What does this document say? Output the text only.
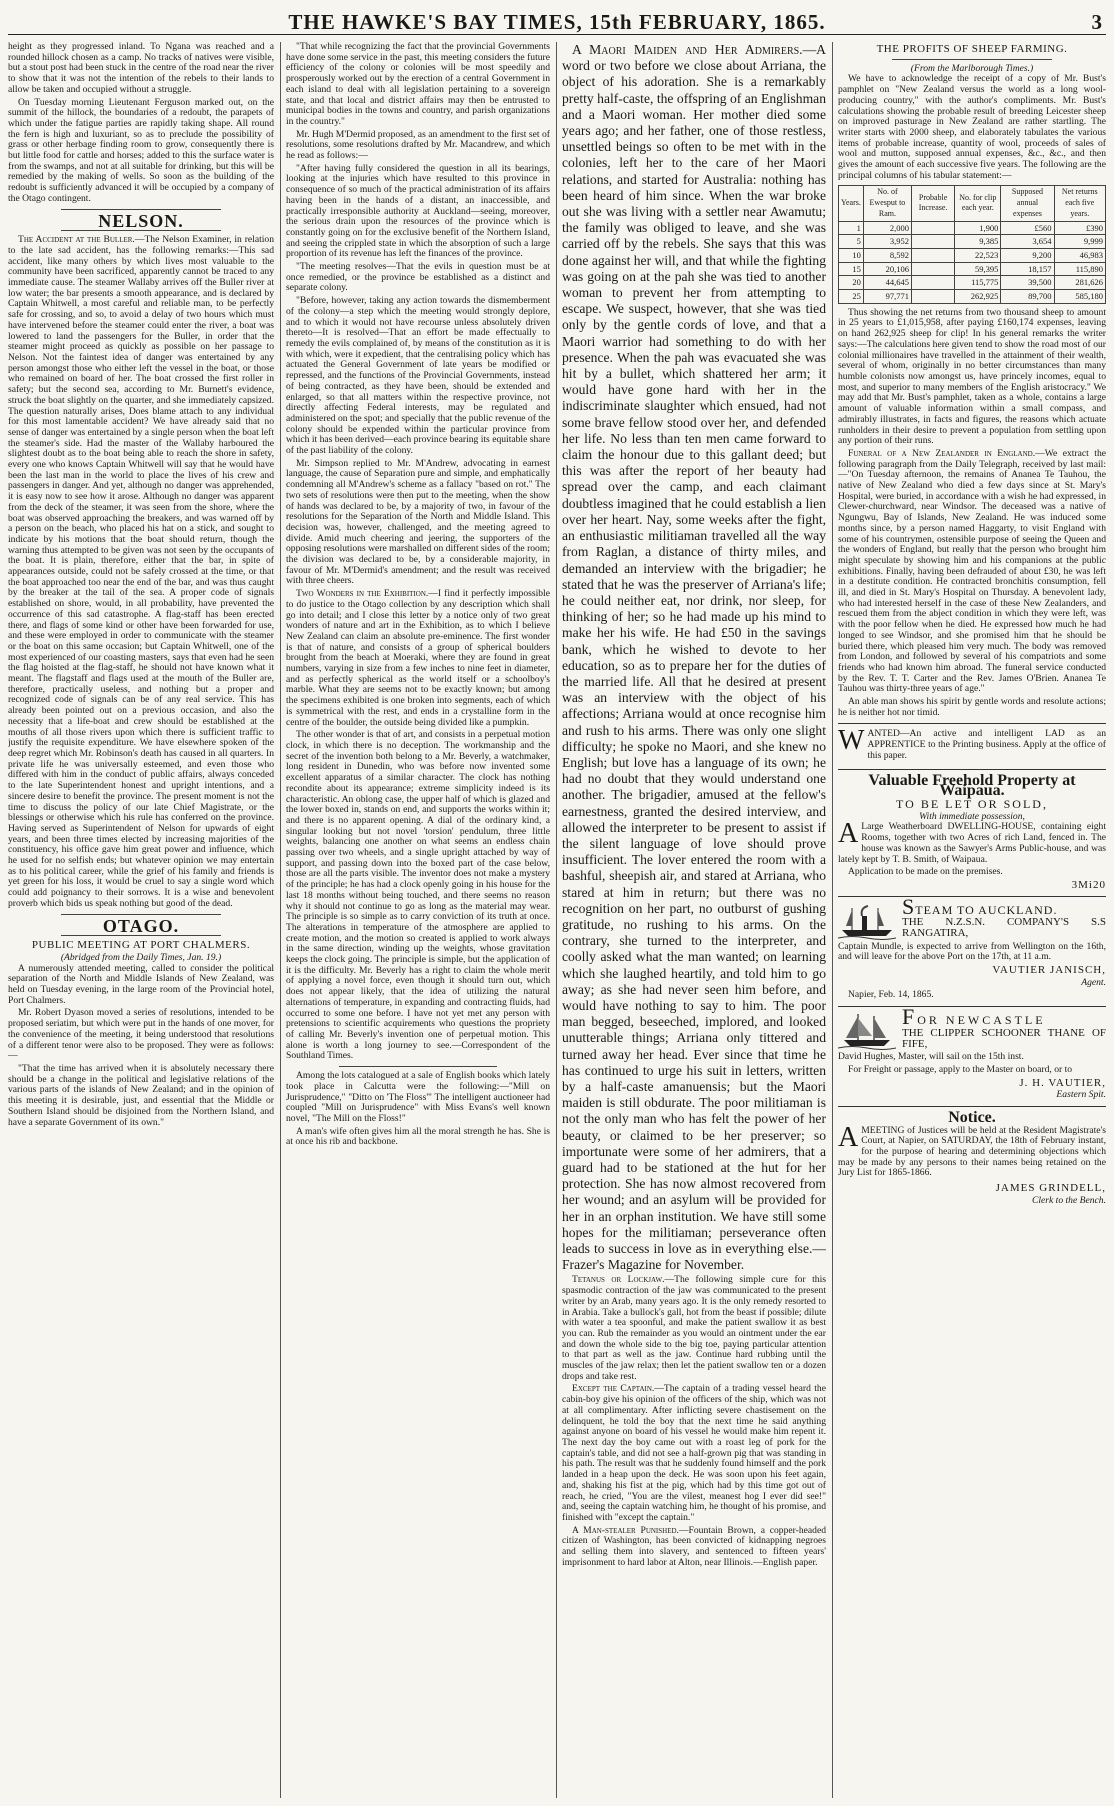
THE HAWKE'S BAY TIMES, 15th FEBRUARY, 1865.	3

height as they progressed inland. To Ngana was reached and a rounded hillock chosen as a camp. No tracks of natives were visible, but a stout post had been stuck in the centre of the road near the river to show that it was not the intention of the rebels to their lands to allow be taken and occupied without a struggle.

On Tuesday morning Lieutenant Ferguson marked out, on the summit of the hillock, the boundaries of a redoubt, the parapets of which under the fatigue parties are rapidly taking shape. All round the fern is high and luxuriant, so as to preclude the possibility of grass or other herbage finding room to grow, consequently there is but little food for cattle and horses; added to this the surface water is from the swamps, and not at all suitable for drinking, but this will be remedied by the making of wells. So soon as the building of the redoubt is sufficiently advanced it will be occupied by a company of the Otago contingent.

NELSON.

The Accident at the Buller.—The Nelson Examiner, in relation to the late sad accident, has the following remarks:—This sad accident, like many others by which lives most valuable to the community have been sacrificed, apparently cannot be traced to any immediate cause. The steamer Wallaby arrives off the Buller river at low water; the bar presents a smooth appearance, and is declared by Captain Whitwell, a most careful and reliable man, to be perfectly safe for crossing, and so, to avoid a delay of two hours which must have intervened before the steamer could enter the river, a boat was lowered to land the passengers for the Buller, in order that the steamer might proceed as quickly as possible on her passage to Nelson. Not the faintest idea of danger was entertained by any person amongst those who either left the vessel in the boat, or those who remained on board of her. The boat crossed the first roller in safety; but the second sea, according to Mr. Burnett's evidence, struck the boat slightly on the quarter, and she immediately capsized. The question naturally arises, Does blame attach to any individual for this most lamentable accident? We have already said that no sense of danger was entertained by a single person when the boat left the steamer's side. Had the master of the Wallaby harboured the slightest doubt as to the boat being able to reach the shore in safety, every one who knows Captain Whitwell will say that he would have been the last man in the world to place the lives of his crew and passengers in danger. And yet, although no danger was apprehended, it is easy now to see how it arose. Although no danger was apparent from the deck of the steamer, it was seen from the shore, where the boat was observed approaching the breakers, and was warned off by a person on the beach, who placed his hat on a stick, and sought to indicate by his motions that the boat should return, though the warning thus attempted to be given was not seen by the occupants of the boat. It is plain, therefore, either that the bar, in spite of appearances outside, could not be safely crossed at the time, or that the boat approached too near the end of the bar, and was thus caught by the breaker at the tail of the sea. A proper code of signals established on shore, would, in all probability, have prevented the occurrence of this sad catastrophe. A flag-staff has been erected there, and flags of some kind or other have been forwarded for use, and these were employed in order to communicate with the steamer or the boat on this same occasion; but Captain Whitwell, one of the most experienced of our coasting masters, says that even had he seen the flag hoisted at the flag-staff, he should not have known what it meant. The flagstaff and flags used at the mouth of the Buller are, therefore, practically useless, and nothing but a proper and recognized code of signals can be of any real service. This has already been pointed out on a previous occasion, and also the necessity that a life-boat and crew should be established at the mouths of all those rivers upon which there is sufficient traffic to justify the requisite expenditure. We have elsewhere spoken of the deep regret which Mr. Robinson's death has caused in all quarters. In private life he was universally esteemed, and even those who differed with him in the conduct of public affairs, always conceded to the late Superintendent honest and upright intentions, and a sincere desire to benefit the province. The present moment is not the time to discuss the policy of our late Chief Magistrate, or the blessings or otherwise which his rule has conferred on the province. Having served as Superintendent of Nelson for upwards of eight years, and been three times elected by increasing majorities of the constituency, his office gave him great power and influence, which he used for no selfish ends; but whatever opinion we may entertain as to his political career, while the grief of his family and friends is yet green for his loss, it would be cruel to say a single word which could add poignancy to their sorrows. It is a wise and benevolent proverb which bids us speak nothing but good of the dead.

OTAGO.
PUBLIC MEETING AT PORT CHALMERS.
(Abridged from the Daily Times, Jan. 19.)

A numerously attended meeting, called to consider the political separation of the North and Middle Islands of New Zealand, was held on Tuesday evening, in the large room of the Provincial hotel, Port Chalmers.

Mr. Robert Dyason moved a series of resolutions, intended to be proposed seriatim, but which were put in the hands of one mover, for the convenience of the meeting, it being understood that resolutions of a different tenor were also to be proposed. They were as follows:—

"That the time has arrived when it is absolutely necessary there should be a change in the political and legislative relations of the various parts of the islands of New Zealand; and in the opinion of this meeting it is desirable, just, and essential that the Middle or Southern Island should be disjoined from the Northern Island, and have a separate Government of its own."

"That while recognizing the fact that the provincial Governments have done some service in the past, this meeting considers the future efficiency of the colony or colonies will be most speedily and prosperously worked out by the erection of a central Government in each island to deal with all legislation pertaining to a sovereign state, and that local and district affairs may then be entrusted to municipal bodies in the towns and country, and parish organizations in the country."

Mr. Hugh M'Dermid proposed, as an amendment to the first set of resolutions, some resolutions drafted by Mr. Macandrew, and which he read as follows:—

"After having fully considered the question in all its bearings, looking at the injuries which have resulted to this province in consequence of so much of the practical administration of its affairs having been in the hands of a distant, an inaccessible, and practically irresponsible authority at Auckland—seeing, moreover, the serious drain upon the resources of the province which is constantly going on for the exclusive benefit of the Northern Island, and seeing the crippled state in which the absorption of such a large proportion of its revenue has left the finances of the province.

"The meeting resolves—That the evils in question must be at once remedied, or the province be established as a distinct and separate colony.

"Before, however, taking any action towards the dismemberment of the colony—a step which the meeting would strongly deplore, and to which it would not have recourse unless absolutely driven thereto—It is resolved—That an effort be made effectually to remedy the evils complained of, by means of the constitution as it is with which, were it expedient, that the centralising policy which has actuated the General Government of late years be modified or repressed, and the functions of the Provincial Governments, instead of being contracted, as they have been, should be extended and enlarged, so that all matters within the respective province, not directly affecting Federal interests, may be regulated and administered on the spot; and specially that the public revenue of the colony should be expended within the particular province from which it has been derived—each province bearing its equitable share of the past liability of the colony.

Mr. Simpson replied to Mr. M'Andrew, advocating in earnest language, the cause of Separation pure and simple, and emphatically condemning all M'Andrew's scheme as a fallacy "based on rot." The two sets of resolutions were then put to the meeting, when the show of hands was declared to be, by a majority of two, in favour of the resolutions for the Separation of the North and Middle Island. This decision was, however, challenged, and the meeting agreed to divide. Amid much cheering and jeering, the supporters of the opposing resolutions were marshalled on different sides of the room; the division was declared to be, by a considerable majority, in favour of Mr. M'Dermid's amendment; and the result was received with three cheers.

Two Wonders in the Exhibition.—I find it perfectly impossible to do justice to the Otago collection by any description which shall go into detail; and I close this letter by a notice only of two great wonders of nature and art in the Exhibition, as to which I believe New Zealand can claim an absolute pre-eminence. The first wonder is that of nature, and consists of a group of spherical boulders brought from the beach at Moeraki, where they are found in great numbers, varying in size from a few inches to nine feet in diameter, and as perfectly spherical as the world itself or a schoolboy's marble. What they are seems not to be exactly known; but among the specimens exhibited is one broken into segments, each of which is symmetrical with the rest, and ends in a crystalline form in the centre of the boulder, the outside being divided like a pumpkin.

The other wonder is that of art, and consists in a perpetual motion clock, in which there is no deception. The workmanship and the secret of the invention both belong to a Mr. Beverly, a watchmaker, long resident in Dunedin, who was before now invented some excellent apparatus of a similar character. The clock has nothing recondite about its appearance; extreme simplicity indeed is its characteristic. An oblong case, the upper half of which is glazed and the lower boxed in, stands on end, and supports the works within it; and there is no apparent opening. A dial of the ordinary kind, a singular looking but not novel 'torsion' pendulum, three little weights, balancing one another on what seems an endless chain passing over two wheels, and a single upright attached by way of support, and passing down into the boxed part of the case below, those are all the parts visible. The inventor does not make a mystery of the principle; he has had a clock openly going in his house for the last 18 months without being touched, and there seems no reason why it should not continue to go as long as the material may wear. The principle is so simple as to carry conviction of its truth at once. The alterations in temperature of the atmosphere are applied to create motion, and the motion so created is applied to work always in the same direction, winding up the weights, whose gravitation keeps the clock going. The principle is simple, but the application of it is the difficulty. Mr. Beverly has a right to claim the whole merit of applying a novel force, even though it should turn out, which does not appear likely, that the idea of utilizing the natural alternations of temperature, in expanding and contracting fluids, had occurred to some one before. I have not yet met any person with pretensions to scientific acquirements who questions the propriety of calling Mr. Beverly's invention one of perpetual motion. This alone is worth a long journey to see.—Correspondent of the Southland Times.

Among the lots catalogued at a sale of English books which lately took place in Calcutta were the following:—"Mill on Jurisprudence," "Ditto on 'The Floss'" The intelligent auctioneer had coupled "Mill on Jurisprudence" with Miss Evans's well known novel, "The Mill on the Floss!"

A man's wife often gives him all the moral strength he has. She is at once his rib and backbone.

A Maori Maiden and Her Admirers.—A word or two before we close about Arriana, the object of his adoration. She is a remarkably pretty half-caste, the offspring of an Englishman and a Maori woman. Her mother died some years ago; and her father, one of those restless, unsettled beings so often to be met with in the colonies, left her to the care of her Maori relations, and started for Australia: nothing has been heard of him since. When the war broke out she was living with a settler near Awamutu; the family was obliged to leave, and she was carried off by the rebels. She says that this was done against her will, and that while the fighting was going on at the pah she was tied to another woman to prevent her from attempting to escape. We suspect, however, that she was tied only by the gentle cords of love, and that a Maori warrior had something to do with her presence. When the pah was evacuated she was hit by a bullet, which shattered her arm; it would have gone hard with her in the indiscriminate slaughter which ensued, had not some brave fellow stood over her, and defended her life. No less than ten men came forward to claim the honour due to this gallant deed; but this was after the report of her beauty had spread over the camp, and each claimant doubtless imagined that he could establish a lien over her heart. Nay, some weeks after the fight, an enthusiastic militiaman travelled all the way from Raglan, a distance of thirty miles, and demanded an interview with the brigadier; he stated that he was the preserver of Arriana's life; he could neither eat, nor drink, nor sleep, for thinking of her; so he had made up his mind to make her his wife. He had £50 in the savings bank, which he wished to devote to her education, so as to prepare her for the duties of the married life. All that he desired at present was an interview with the object of his affections; Arriana would at once recognise him and rush to his arms. There was only one slight difficulty; he spoke no Maori, and she knew no English; but love has a language of its own; he had no doubt that they would understand one another. The brigadier, amused at the fellow's earnestness, granted the desired interview, and allowed the interpreter to be present to assist if the silent language of love should prove insufficient. The lover entered the room with a bashful, sheepish air, and stared at Arriana, who stared at him in return; but there was no recognition on her part, no outburst of gushing gratitude, no rushing to his arms. On the contrary, she turned to the interpreter, and coolly asked what the man wanted; on learning which she laughed heartily, and told him to go away; as she had never seen him before, and would have nothing to say to him. The poor man begged, beseeched, implored, and looked unutterable things; Arriana only tittered and turned away her head. Ever since that time he has continued to urge his suit in letters, written by a half-caste amanuensis; but the Maori maiden is still obdurate. The poor militiaman is not the only man who has felt the power of her beauty, or claimed to be her preserver; so importunate were some of her admirers, that a guard had to be stationed at the hut for her protection. She has now almost recovered from her wound; and an asylum will be provided for her in an orphan institution. We have still some hopes for the militiaman; perseverance often leads to success in love as in everything else.—Frazer's Magazine for November.

Tetanus or Lockjaw.—The following simple cure for this spasmodic contraction of the jaw was communicated to the present writer by an Arab, many years ago. It is the only remedy resorted to in Arabia. Take a bullock's gall, hot from the beast if possible; dilute with water a tea spoonful, and make the patient swallow it as best you can. Rub the remainder as you would an ointment under the ear and down the whole side to the big toe, paying particular attention to that part as well as the jaw. Continue hard rubbing until the muscles of the jaw relax; then let the patient swallow ten or a dozen drops and take rest.

Except the Captain.—The captain of a trading vessel heard the cabin-boy give his opinion of the officers of the ship, which was not at all complimentary. After inflicting severe chastisement on the delinquent, he told the boy that the next time he said anything against anyone on board of his vessel he would make him repent it. The next day the boy came out with a roast leg of pork for the captain's table, and did not see a half-grown pig that was standing in his path. The result was that he suddenly found himself and the pork landed in a heap upon the deck. He was soon upon his feet again, and, shaking his fist at the pig, which had by this time got out of reach, he cried, "You are the vilest, meanest hog I ever did see!" and, seeing the captain watching him, he thought of his promise, and finished with "except the captain."

A Man-stealer Punished.—Fountain Brown, a copper-headed citizen of Washington, has been convicted of kidnapping negroes and selling them into slavery, and sentenced to fifteen years' imprisonment to hard labor at Alton, near Illinois.—English paper.

THE PROFITS OF SHEEP FARMING.
(From the Marlborough Times.)

We have to acknowledge the receipt of a copy of Mr. Bust's pamphlet on "New Zealand versus the world as a long wool-producing country," with the author's compliments. Mr. Bust's calculations showing the probable result of breeding Leicester sheep on improved pasturage in New Zealand are rather startling. The writer starts with 2000 sheep, and elaborately tabulates the various items of probable increase, quantity of wool, proceeds of sales of wool and mutton, supposed annual expenses, &c., &c., and then gives the amount of each successive five years. The following are the principal columns of his tabular statement:—

Years.	No. of Ewesput to Ram.	Probable Increase.	No. for clip each year.	Supposed annual expenses	Net returns each five years.
1	2,000		1,900	£560	£390
5	3,952		9,385	3,654	9,999
10	8,592		22,523	9,200	46,983
15	20,106		59,395	18,157	115,890
20	44,645		115,775	39,500	281,626
25	97,771		262,925	89,700	585,180

Thus showing the net returns from two thousand sheep to amount in 25 years to £1,015,958, after paying £160,174 expenses, leaving on hand 262,925 sheep for clip! In his general remarks the writer says:—The calculations here given tend to show the road most of our colonial millionaires have travelled in the attainment of their wealth, several of whom, originally in no better circumstances than many humble colonists now amongst us, have princely incomes, equal to most, and superior to many members of the English aristocracy." We may add that Mr. Bust's pamphlet, taken as a whole, contains a large amount of valuable information within a small compass, and admirably illustrates, in facts and figures, the reasons which actuate runholders in their desire to prevent a population from settling upon any portion of their runs.

Funeral of a New Zealander in England.—We extract the following paragraph from the Daily Telegraph, received by last mail:—"On Tuesday afternoon, the remains of Ananea Te Tauhou, the native of New Zealand who died a few days since at St. Mary's Hospital, were buried, in accordance with a wish he had expressed, in Clewer-churchward, near Windsor. The deceased was a native of Ngungwu, Bay of Islands, New Zealand. He was induced some months since, by a person named Haggarty, to visit England with some of his countrymen, ostensible purpose of seeing the Queen and the wonders of England, but really that the person who brought him might speculate by showing him and his companions at the public exhibitions. Finally, having been defrauded of about £30, he was left in a destitute condition. He contracted bronchitis consumption, fell ill, and died in St. Mary's Hospital on Thursday. A benevolent lady, who had interested herself in the case of these New Zealanders, and rescued them from the abject condition in which they were left, was with the poor fellow when he died. He expressed how much he had longed to see Windsor, and she promised him that he should be buried there, which pleased him very much. The body was removed from London, and followed by several of his compatriots and some friends who had known him abroad. The funeral service conducted by the Rev. T. T. Carter and the Rev. James O'Brien. Ananea Te Tauhou was thirty-three years of age."

An able man shows his spirit by gentle words and resolute actions; he is neither hot nor timid.

WANTED—An active and intelligent LAD as an APPRENTICE to the Printing business. Apply at the office of this paper.

Valuable Freehold Property at Waipaua.
TO BE LET OR SOLD,
With immediate possession,

A Large Weatherboard DWELLING-HOUSE, containing eight Rooms, together with two Acres of rich Land, fenced in. The house was known as the Sawyer's Arms Public-house, and was lately kept by T. B. Smith, of Waipaua.

Application to be made on the premises.

3Mi20

STEAM TO AUCKLAND.

THE N.Z.S.N. COMPANY'S S.S RANGATIRA,

Captain Mundle, is expected to arrive from Wellington on the 16th, and will leave for the above Port on the 17th, at 11 a.m.

VAUTIER JANISCH,
Agent.

Napier, Feb. 14, 1865.

FOR NEWCASTLE

THE CLIPPER SCHOONER THANE OF FIFE,

David Hughes, Master, will sail on the 15th inst.

For Freight or passage, apply to the Master on board, or to

J. H. VAUTIER,
Eastern Spit.
Notice.

AMEETING of Justices will be held at the Resident Magistrate's Court, at Napier, on SATURDAY, the 18th of February instant, for the purpose of hearing and determining objections which may be made by any persons to their names being retained on the Jury List for 1865-1866.

JAMES GRINDELL,
Clerk to the Bench.
